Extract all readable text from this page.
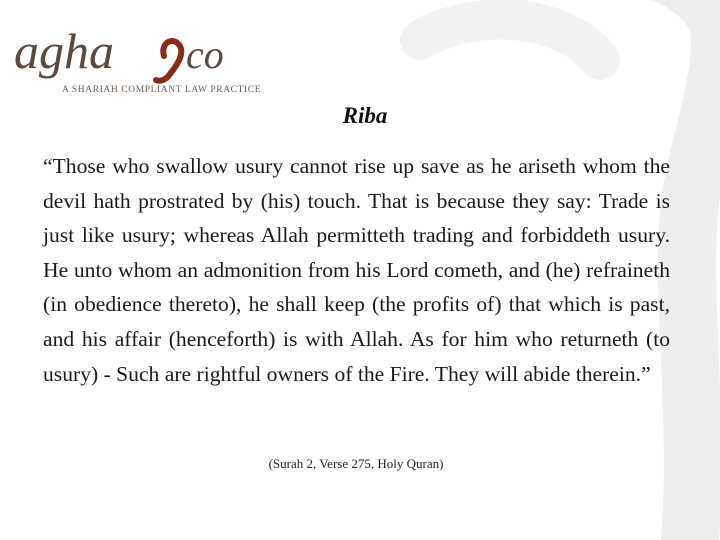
agha co
A SHARIAH COMPLIANT LAW PRACTICE
Riba
“Those who swallow usury cannot rise up save as he ariseth whom the devil hath prostrated by (his) touch. That is because they say: Trade is just like usury; whereas Allah permitteth trading and forbiddeth usury. He unto whom an admonition from his Lord cometh, and (he) refraineth (in obedience thereto), he shall keep (the profits of) that which is past, and his affair (henceforth) is with Allah. As for him who returneth (to usury) - Such are rightful owners of the Fire. They will abide therein.”
(Surah 2, Verse 275, Holy Quran)
